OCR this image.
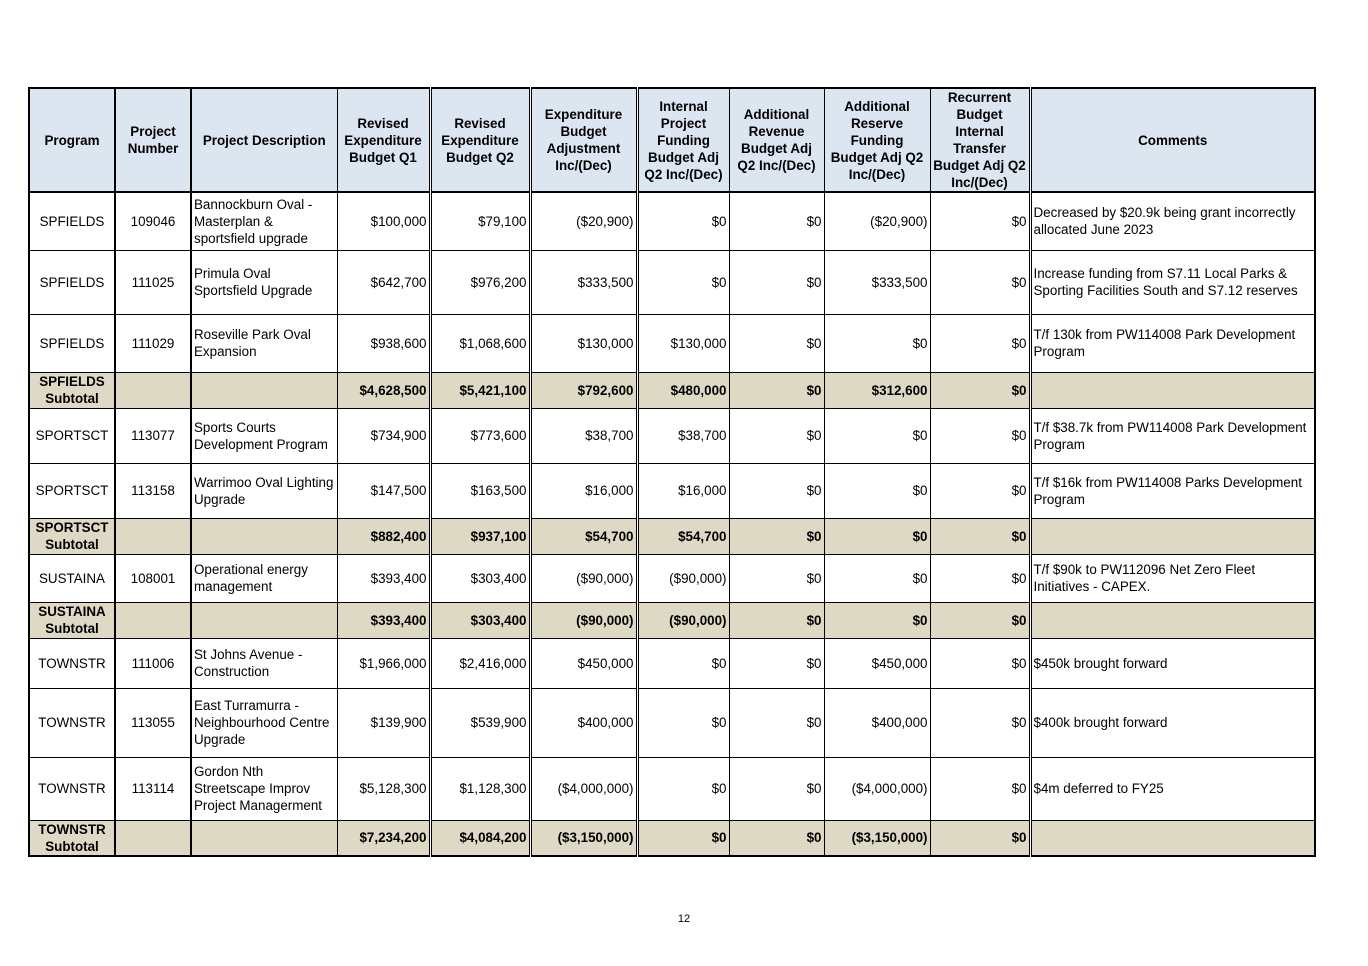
Program	Project Number	Project Description	Revised Expenditure Budget Q1	Revised Expenditure Budget Q2	Expenditure Budget Adjustment Inc/(Dec)	Internal Project Funding Budget Adj Q2 Inc/(Dec)	Additional Revenue Budget Adj Q2 Inc/(Dec)	Additional Reserve Funding Budget Adj Q2 Inc/(Dec)	Recurrent Budget Internal Transfer Budget Adj Q2 Inc/(Dec)	Comments
SPFIELDS	109046	Bannockburn Oval - Masterplan & sportsfield upgrade	$100,000	$79,100	($20,900)	$0	$0	($20,900)	$0	Decreased by $20.9k being grant incorrectly allocated June 2023
SPFIELDS	111025	Primula Oval Sportsfield Upgrade	$642,700	$976,200	$333,500	$0	$0	$333,500	$0	Increase funding from S7.11 Local Parks & Sporting Facilities South and S7.12 reserves
SPFIELDS	111029	Roseville Park Oval Expansion	$938,600	$1,068,600	$130,000	$130,000	$0	$0	$0	T/f 130k from PW114008 Park Development Program
SPFIELDS Subtotal			$4,628,500	$5,421,100	$792,600	$480,000	$0	$312,600	$0	
SPORTSCT	113077	Sports Courts Development Program	$734,900	$773,600	$38,700	$38,700	$0	$0	$0	T/f $38.7k from PW114008 Park Development Program
SPORTSCT	113158	Warrimoo Oval Lighting Upgrade	$147,500	$163,500	$16,000	$16,000	$0	$0	$0	T/f $16k from PW114008 Parks Development Program
SPORTSCT Subtotal			$882,400	$937,100	$54,700	$54,700	$0	$0	$0	
SUSTAINA	108001	Operational energy management	$393,400	$303,400	($90,000)	($90,000)	$0	$0	$0	T/f $90k to PW112096 Net Zero Fleet Initiatives - CAPEX.
SUSTAINA Subtotal			$393,400	$303,400	($90,000)	($90,000)	$0	$0	$0	
TOWNSTR	111006	St Johns Avenue - Construction	$1,966,000	$2,416,000	$450,000	$0	$0	$450,000	$0	$450k brought forward
TOWNSTR	113055	East Turramurra - Neighbourhood Centre Upgrade	$139,900	$539,900	$400,000	$0	$0	$400,000	$0	$400k brought forward
TOWNSTR	113114	Gordon Nth Streetscape Improv Project Managerment	$5,128,300	$1,128,300	($4,000,000)	$0	$0	($4,000,000)	$0	$4m deferred to FY25
TOWNSTR Subtotal			$7,234,200	$4,084,200	($3,150,000)	$0	$0	($3,150,000)	$0	
12
